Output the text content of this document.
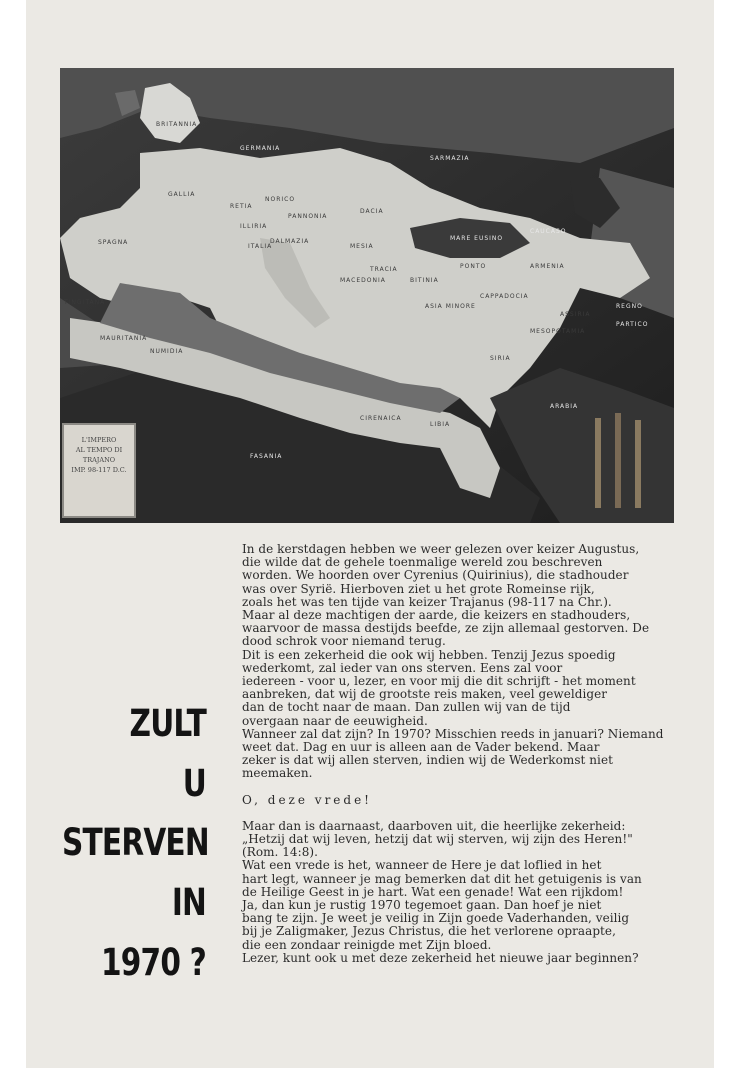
BRITANNIA
GERMANIA
SARMAZIA
GALLIA
RETIA
NORICO
PANNONIA
DACIA
CAUCASO
SPAGNA
MARE EUSINO
MESIA
TRACIA	PONTO	ARMENIA
MACEDONIA	BITINIA
ASIA MINORE
CAPPADOCIA
REGNO
PARTICO
MAURITANIA
NUMIDIA
MESOPOTAMIA
SIRIA
ASSIRIA
ARABIA
LIBIA
FASANIA
ITALIA
ILLIRIA
DALMAZIA
TINGITANA
CIRENAICA
L'IMPERO
AL TEMPO DI
TRAJANO
IMP. 98-117 D.C.
ZULT
U
STERVEN
IN
1970 ?
In de kerstdagen hebben we weer gelezen over keizer Augustus,
die wilde dat de gehele toenmalige wereld zou beschreven
worden. We hoorden over Cyrenius (Quirinius), die stadhouder
was over Syrië. Hierboven ziet u het grote Romeinse rijk,
zoals het was ten tijde van keizer Trajanus (98-117 na Chr.).
Maar al deze machtigen der aarde, die keizers en stadhouders,
waarvoor de massa destijds beefde, ze zijn allemaal gestorven. De
dood schrok voor niemand terug.
Dit is een zekerheid die ook wij hebben. Tenzij Jezus spoedig
wederkomt, zal ieder van ons sterven. Eens zal voor
iedereen - voor u, lezer, en voor mij die dit schrijft - het moment
aanbreken, dat wij de grootste reis maken, veel geweldiger
dan de tocht naar de maan. Dan zullen wij van de tijd
overgaan naar de eeuwigheid.
Wanneer zal dat zijn? In 1970? Misschien reeds in januari? Niemand
weet dat. Dag en uur is alleen aan de Vader bekend. Maar
zeker is dat wij allen sterven, indien wij de Wederkomst niet
meemaken.
O, deze vrede!
Maar dan is daarnaast, daarboven uit, die heerlijke zekerheid:
„Hetzij dat wij leven, hetzij dat wij sterven, wij zijn des Heren!"
(Rom. 14:8).
Wat een vrede is het, wanneer de Here je dat loflied in het
hart legt, wanneer je mag bemerken dat dit het getuigenis is van
de Heilige Geest in je hart. Wat een genade! Wat een rijkdom!
Ja, dan kun je rustig 1970 tegemoet gaan. Dan hoef je niet
bang te zijn. Je weet je veilig in Zijn goede Vaderhanden, veilig
bij je Zaligmaker, Jezus Christus, die het verlorene opraapte,
die een zondaar reinigde met Zijn bloed.
Lezer, kunt ook u met deze zekerheid het nieuwe jaar beginnen?
